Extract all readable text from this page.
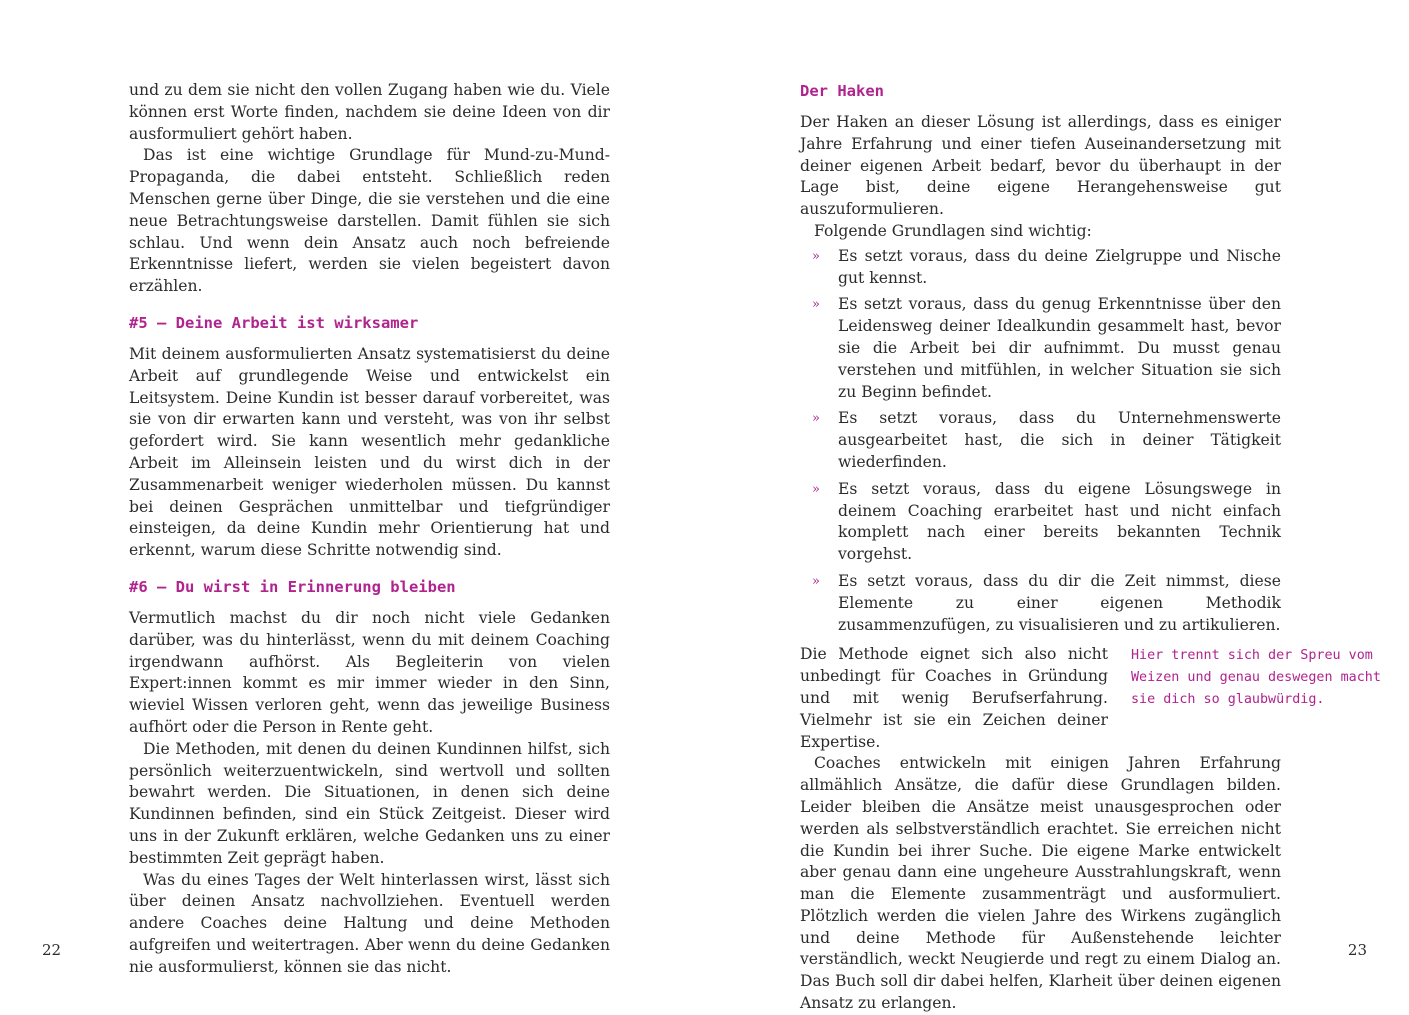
und zu dem sie nicht den vollen Zugang haben wie du. Viele können erst Worte finden, nachdem sie deine Ideen von dir ausformuliert gehört haben.

Das ist eine wichtige Grundlage für Mund-zu-Mund-Propaganda, die dabei entsteht. Schließlich reden Menschen gerne über Dinge, die sie verstehen und die eine neue Betrachtungsweise darstellen. Damit fühlen sie sich schlau. Und wenn dein Ansatz auch noch befreiende Erkenntnisse liefert, werden sie vielen begeistert davon erzählen.

#5 – Deine Arbeit ist wirksamer

Mit deinem ausformulierten Ansatz systematisierst du deine Arbeit auf grundlegende Weise und entwickelst ein Leitsystem. Deine Kundin ist besser darauf vorbereitet, was sie von dir erwarten kann und versteht, was von ihr selbst gefordert wird. Sie kann wesentlich mehr gedankliche Arbeit im Alleinsein leisten und du wirst dich in der Zusammenarbeit weniger wiederholen müssen. Du kannst bei deinen Gesprächen unmittelbar und tiefgründiger einsteigen, da deine Kundin mehr Orientierung hat und erkennt, warum diese Schritte notwendig sind.

#6 – Du wirst in Erinnerung bleiben

Vermutlich machst du dir noch nicht viele Gedanken darüber, was du hinterlässt, wenn du mit deinem Coaching irgendwann aufhörst. Als Begleiterin von vielen Expert:innen kommt es mir immer wieder in den Sinn, wieviel Wissen verloren geht, wenn das jeweilige Business aufhört oder die Person in Rente geht.

Die Methoden, mit denen du deinen Kundinnen hilfst, sich persönlich weiterzuentwickeln, sind wertvoll und sollten bewahrt werden. Die Situationen, in denen sich deine Kundinnen befinden, sind ein Stück Zeitgeist. Dieser wird uns in der Zukunft erklären, welche Gedanken uns zu einer bestimmten Zeit geprägt haben.

Was du eines Tages der Welt hinterlassen wirst, lässt sich über deinen Ansatz nachvollziehen. Eventuell werden andere Coaches deine Haltung und deine Methoden aufgreifen und weitertragen. Aber wenn du deine Gedanken nie ausformulierst, können sie das nicht.

22
Der Haken

Der Haken an dieser Lösung ist allerdings, dass es einiger Jahre Erfahrung und einer tiefen Auseinandersetzung mit deiner eigenen Arbeit bedarf, bevor du überhaupt in der Lage bist, deine eigene Herangehensweise gut auszuformulieren.

Folgende Grundlagen sind wichtig:

» Es setzt voraus, dass du deine Zielgruppe und Nische gut kennst.
» Es setzt voraus, dass du genug Erkenntnisse über den Leidensweg deiner Idealkundin gesammelt hast, bevor sie die Arbeit bei dir aufnimmt. Du musst genau verstehen und mitfühlen, in welcher Situation sie sich zu Beginn befindet.
» Es setzt voraus, dass du Unternehmenswerte ausgearbeitet hast, die sich in deiner Tätigkeit wiederfinden.
» Es setzt voraus, dass du eigene Lösungswege in deinem Coaching erarbeitet hast und nicht einfach komplett nach einer bereits bekannten Technik vorgehst.
» Es setzt voraus, dass du dir die Zeit nimmst, diese Elemente zu einer eigenen Methodik zusammenzufügen, zu visualisieren und zu artikulieren.

Die Methode eignet sich also nicht unbedingt für Coaches in Gründung und mit wenig Berufserfahrung. Vielmehr ist sie ein Zeichen deiner Expertise.

Hier trennt sich der Spreu vom Weizen und genau deswegen macht sie dich so glaubwürdig.

Coaches entwickeln mit einigen Jahren Erfahrung allmählich Ansätze, die dafür diese Grundlagen bilden. Leider bleiben die Ansätze meist unausgesprochen oder werden als selbstverständlich erachtet. Sie erreichen nicht die Kundin bei ihrer Suche. Die eigene Marke entwickelt aber genau dann eine ungeheure Ausstrahlungskraft, wenn man die Elemente zusammenträgt und ausformuliert. Plötzlich werden die vielen Jahre des Wirkens zugänglich und deine Methode für Außenstehende leichter verständlich, weckt Neugierde und regt zu einem Dialog an. Das Buch soll dir dabei helfen, Klarheit über deinen eigenen Ansatz zu erlangen.

23
